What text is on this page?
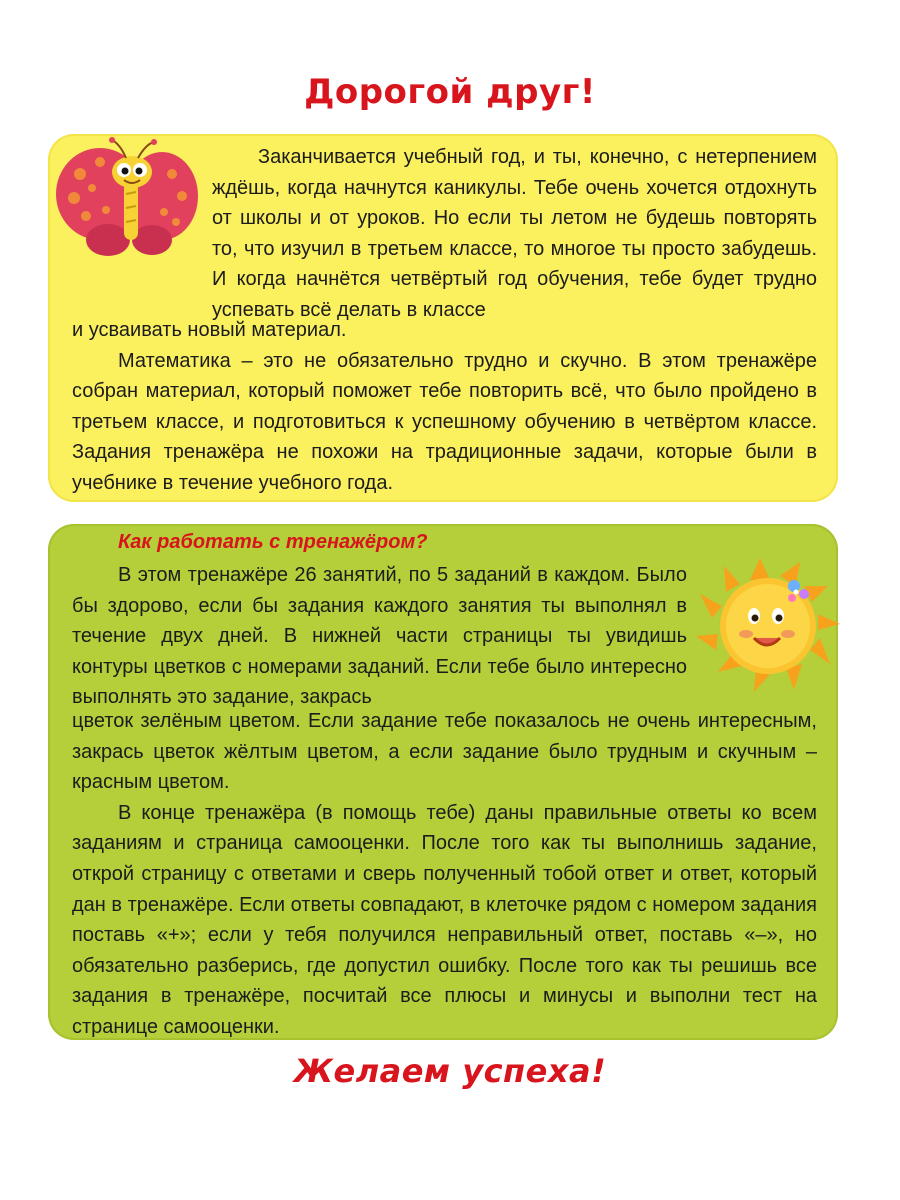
Дорогой друг!

Заканчивается учебный год, и ты, конечно, с нетерпением ждёшь, когда начнутся каникулы. Тебе очень хочется отдохнуть от школы и от уроков. Но если ты летом не будешь повторять то, что изучил в третьем классе, то многое ты просто забудешь. И когда начнётся четвёртый год обучения, тебе будет трудно успевать всё делать в классе

и усваивать новый материал.

Математика – это не обязательно трудно и скучно. В этом тренажёре собран материал, который поможет тебе повторить всё, что было пройдено в третьем классе, и подготовиться к успешному обучению в четвёртом классе. Задания тренажёра не похожи на традиционные задачи, которые были в учебнике в течение учебного года.

Как работать с тренажёром?

В этом тренажёре 26 занятий, по 5 заданий в каждом. Было бы здорово, если бы задания каждого занятия ты выполнял в течение двух дней. В нижней части страницы ты увидишь контуры цветков с номерами заданий. Если тебе было интересно выполнять это задание, закрась

цветок зелёным цветом. Если задание тебе показалось не очень интересным, закрась цветок жёлтым цветом, а если задание было трудным и скучным – красным цветом.

В конце тренажёра (в помощь тебе) даны правильные ответы ко всем заданиям и страница самооценки. После того как ты выполнишь задание, открой страницу с ответами и сверь полученный тобой ответ и ответ, который дан в тренажёре. Если ответы совпадают, в клеточке рядом с номером задания поставь «+»; если у тебя получился неправильный ответ, поставь «–», но обязательно разберись, где допустил ошибку. После того как ты решишь все задания в тренажёре, посчитай все плюсы и минусы и выполни тест на странице самооценки.

Желаем успеха!
